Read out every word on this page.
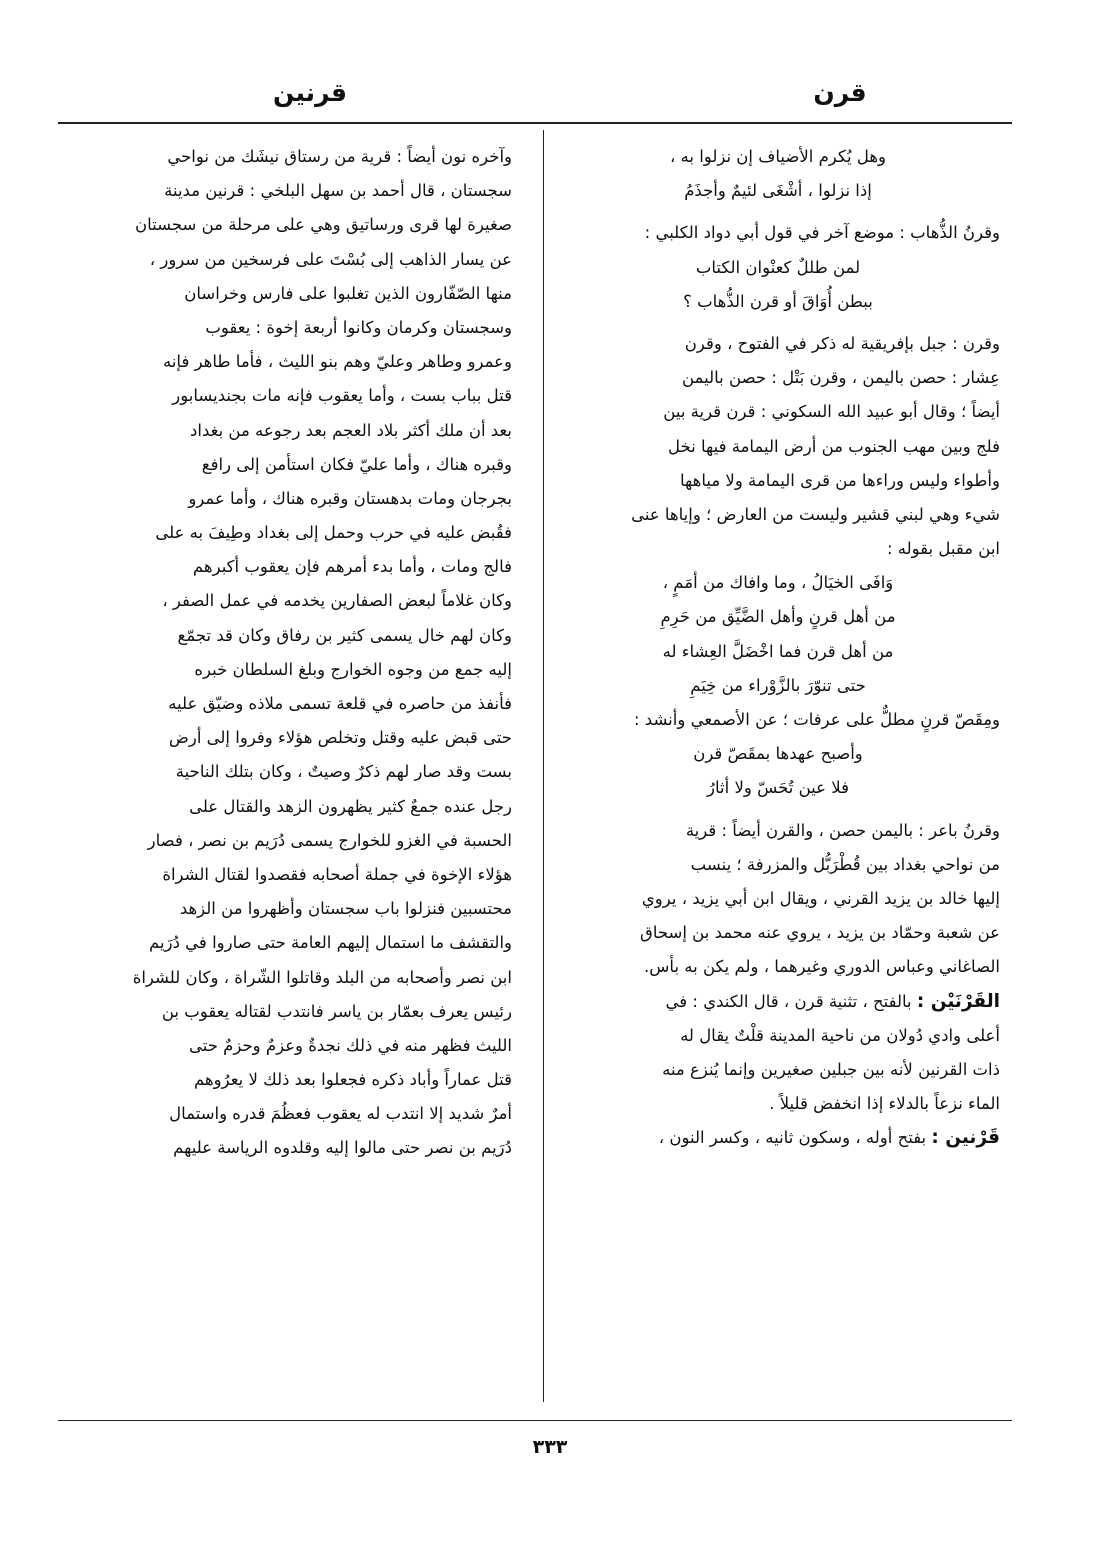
قرن
قرنين
وهل يُكرم الأضياف إن نزلوا به ،
إذا نزلوا ، أشْغَى لئيمٌ وأجذَمُ
وقرنُ الذُّهاب : موضع آخر في قول أبي دواد الكلبي :
لمن طللٌ كعنْوان الكتاب
ببطن أُوَاقَ أو قرن الذُّهاب ؟
وقرن : جبل بإفريقية له ذكر في الفتوح ، وقرن
عِشار : حصن باليمن ، وقرن بَتْل : حصن باليمن
أيضاً ؛ وقال أبو عبيد الله السكوني : قرن قرية بين
فلج وبين مهب الجنوب من أرض اليمامة فيها نخل
وأطواء وليس وراءها من قرى اليمامة ولا مياهها
شيء وهي لبني قشير وليست من العارض ؛ وإياها عنى
ابن مقبل بقوله :
وَافَى الخيَالُ ، وما وافاك من أمَمٍ ،
من أهل قرنٍ وأهل الضَّيِّق من حَرِمِ
من أهل قرن فما اخْضَلَّ العِشاء له
حتى تنوّرَ بالزَّوْراء من خِيَمِ
ومِقَصّ قرنٍ مطلٌّ على عرفات ؛ عن الأصمعي وأنشد :
وأصبح عهدها بمقَصّ قرن
فلا عين تُحَسّ ولا أثارُ
وقرنُ باعر : باليمن حصن ، والقرن أيضاً : قرية
من نواحي بغداد بين قُطْرَبُّل والمزرفة ؛ ينسب
إليها خالد بن يزيد القرني ، ويقال ابن أبي يزيد ، يروي
عن شعبة وحمّاد بن يزيد ، يروي عنه محمد بن إسحاق
الصاغاني وعباس الدوري وغيرهما ، ولم يكن به بأس.
القَرْنَيْن : بالفتح ، تثنية قرن ، قال الكندي : في
أعلى وادي دُولان من ناحية المدينة قلْتٌ يقال له
ذات القرنين لأنه بين جبلين صغيرين وإنما يُنزع منه
الماء نزعاً بالدلاء إذا انخفض قليلاً .
قَرْنين : بفتح أوله ، وسكون ثانيه ، وكسر النون ،
وآخره نون أيضاً : قرية من رستاق نيشَك من نواحي
سجستان ، قال أحمد بن سهل البلخي : قرنين مدينة
صغيرة لها قرى ورساتيق وهي على مرحلة من سجستان
عن يسار الذاهب إلى بُسْتَ على فرسخين من سرور ،
منها الصّفّارون الذين تغلبوا على فارس وخراسان
وسجستان وكرمان وكانوا أربعة إخوة : يعقوب
وعمرو وطاهر وعليّ وهم بنو الليث ، فأما طاهر فإنه
قتل بباب بست ، وأما يعقوب فإنه مات بجنديسابور
بعد أن ملك أكثر بلاد العجم بعد رجوعه من بغداد
وقبره هناك ، وأما عليّ فكان استأمن إلى رافع
بجرجان ومات بدهستان وقبره هناك ، وأما عمرو
فقُبض عليه في حرب وحمل إلى بغداد وطِيفَ به على
فالج ومات ، وأما بدء أمرهم فإن يعقوب أكبرهم
وكان غلاماً لبعض الصفارين يخدمه في عمل الصفر ،
وكان لهم خال يسمى كثير بن رفاق وكان قد تجمّع
إليه جمع من وجوه الخوارج وبلغ السلطان خبره
فأنفذ من حاصره في قلعة تسمى ملاذه وضيّق عليه
حتى قبض عليه وقتل وتخلص هؤلاء وفروا إلى أرض
بست وقد صار لهم ذكرٌ وصيتٌ ، وكان بتلك الناحية
رجل عنده جمعٌ كثير يظهرون الزهد والقتال على
الحسبة في الغزو للخوارج يسمى دُرَيم بن نصر ، فصار
هؤلاء الإخوة في جملة أصحابه فقصدوا لقتال الشراة
محتسبين فنزلوا باب سجستان وأظهروا من الزهد
والتقشف ما استمال إليهم العامة حتى صاروا في دُرَيم
ابن نصر وأصحابه من البلد وقاتلوا الشّراة ، وكان للشراة
رئيس يعرف بعمّار بن ياسر فانتدب لقتاله يعقوب بن
الليث فظهر منه في ذلك نجدةٌ وعزمٌ وحزمٌ حتى
قتل عماراً وأباد ذكره فجعلوا بعد ذلك لا يعرُوهم
أمرٌ شديد إلا انتدب له يعقوب فعظُمَ قدره واستمال
دُرَيم بن نصر حتى مالوا إليه وقلدوه الرياسة عليهم
٣٣٣
